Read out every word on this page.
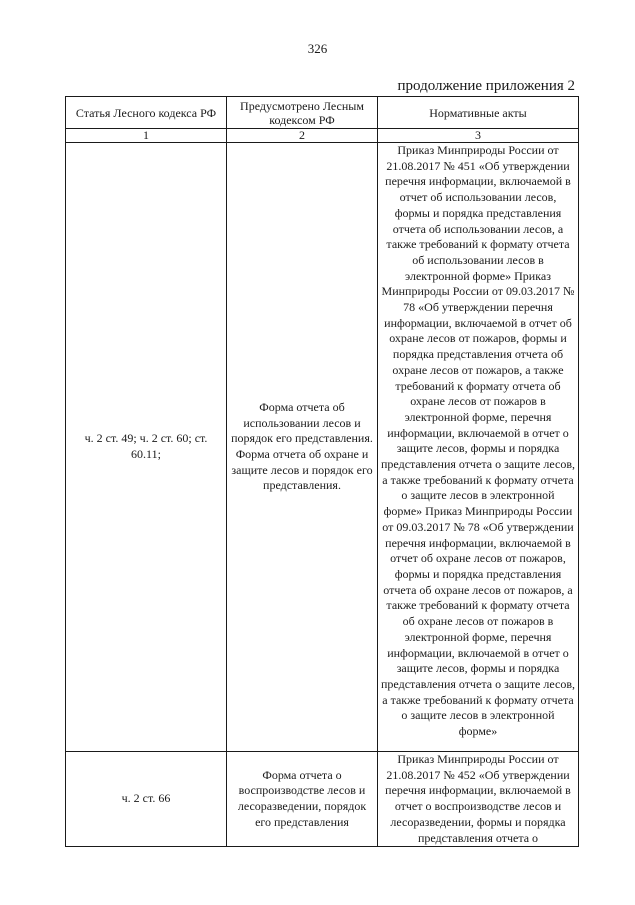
326
продолжение приложения 2
Статья Лесного кодекса РФ	Предусмотрено Лесным кодексом РФ	Нормативные акты
1	2	3
ч. 2 ст. 49; ч. 2 ст. 60; ст. 60.11;	Форма отчета об использовании лесов и порядок его представления. Форма отчета об охране и защите лесов и порядок его представления.	Приказ Минприроды России от 21.08.2017 № 451 «Об утверждении перечня информации, включаемой в отчет об использовании лесов, формы и порядка представления отчета об использовании лесов, а также требований к формату отчета об использовании лесов в электронной форме» Приказ Минприроды России от 09.03.2017 № 78 «Об утверждении перечня информации, включаемой в отчет об охране лесов от пожаров, формы и порядка представления отчета об охране лесов от пожаров, а также требований к формату отчета об охране лесов от пожаров в электронной форме, перечня информации, включаемой в отчет о защите лесов, формы и порядка представления отчета о защите лесов, а также требований к формату отчета о защите лесов в электронной форме» Приказ Минприроды России от 09.03.2017 № 78 «Об утверждении перечня информации, включаемой в отчет об охране лесов от пожаров, формы и порядка представления отчета об охране лесов от пожаров, а также требований к формату отчета об охране лесов от пожаров в электронной форме, перечня информации, включаемой в отчет о защите лесов, формы и порядка представления отчета о защите лесов, а также требований к формату отчета о защите лесов в электронной форме»
ч. 2 ст. 66	Форма отчета о воспроизводстве лесов и лесоразведении, порядок его представления	Приказ Минприроды России от 21.08.2017 № 452 «Об утверждении перечня информации, включаемой в отчет о воспроизводстве лесов и лесоразведении, формы и порядка представления отчета о
